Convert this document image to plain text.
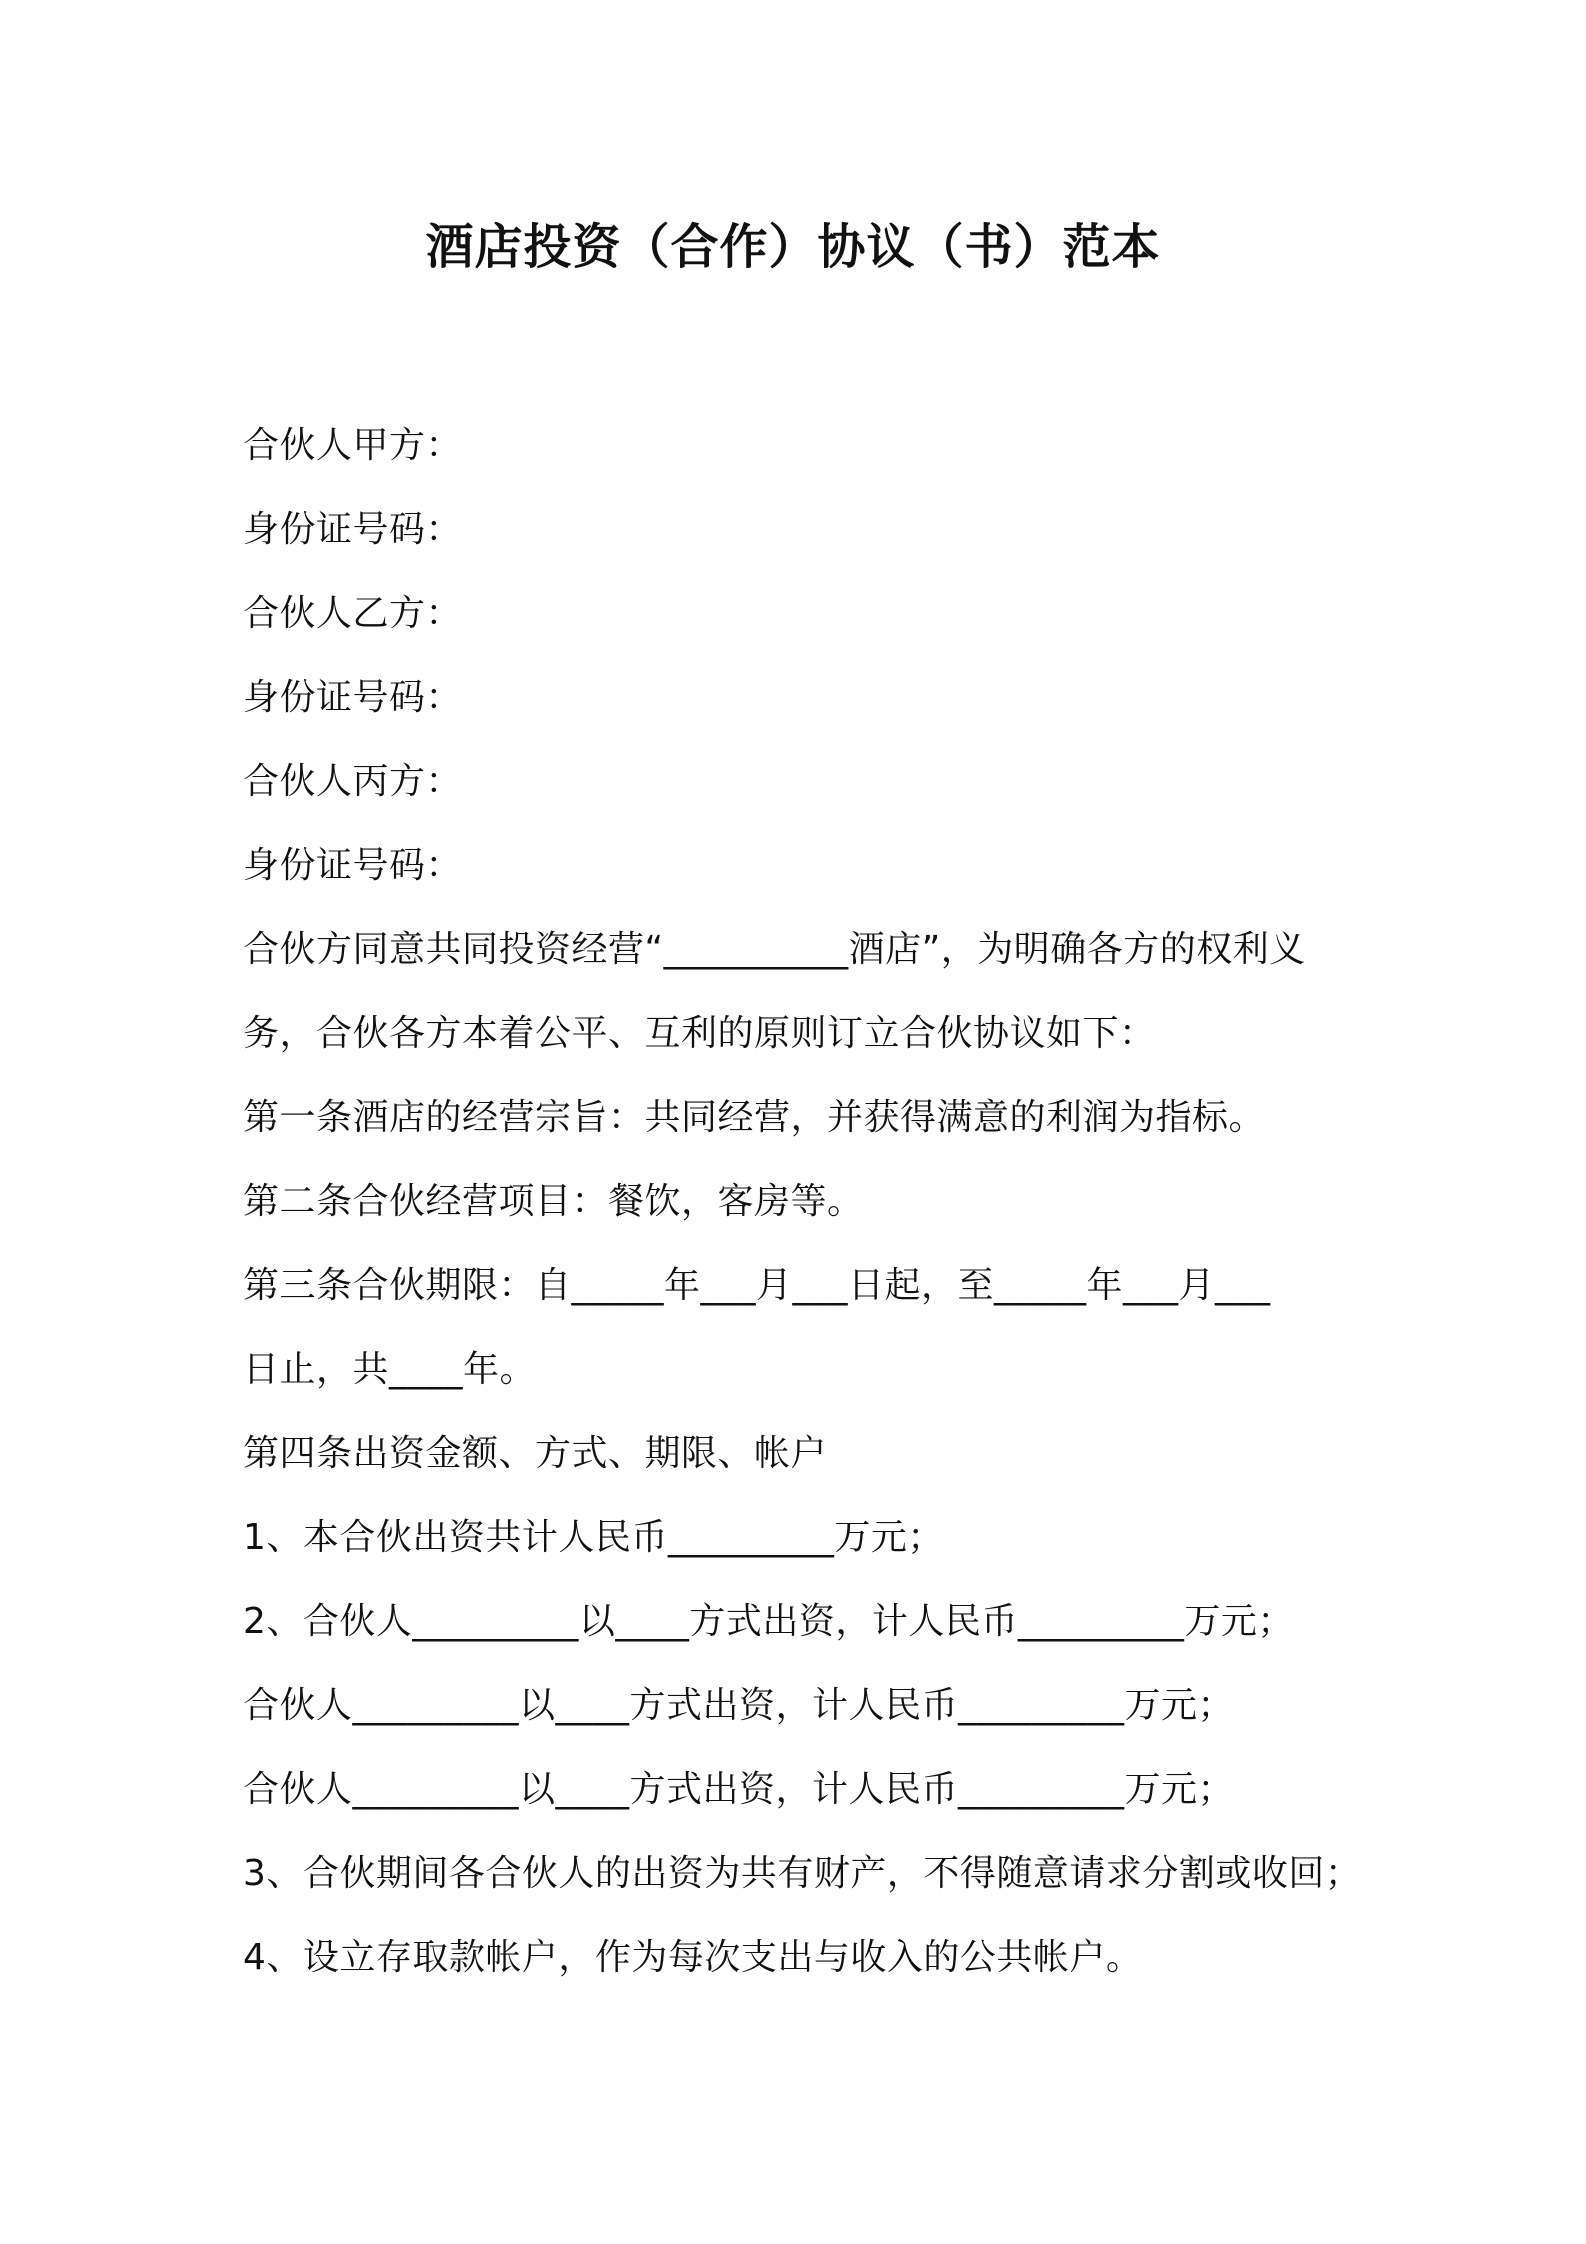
酒店投资（合作）协议（书）范本
合伙人甲方：
身份证号码：
合伙人乙方：
身份证号码：
合伙人丙方：
身份证号码：
合伙方同意共同投资经营“__________酒店”，为明确各方的权利义
务，合伙各方本着公平、互利的原则订立合伙协议如下：
第一条酒店的经营宗旨：共同经营，并获得满意的利润为指标。
第二条合伙经营项目：餐饮，客房等。
第三条合伙期限：自_____年___月___日起，至_____年___月___
日止，共____年。
第四条出资金额、方式、期限、帐户
1、本合伙出资共计人民币_________万元；
2、合伙人_________以____方式出资，计人民币_________万元；
合伙人_________以____方式出资，计人民币_________万元；
合伙人_________以____方式出资，计人民币_________万元；
3、合伙期间各合伙人的出资为共有财产，不得随意请求分割或收回；
4、设立存取款帐户，作为每次支出与收入的公共帐户。
